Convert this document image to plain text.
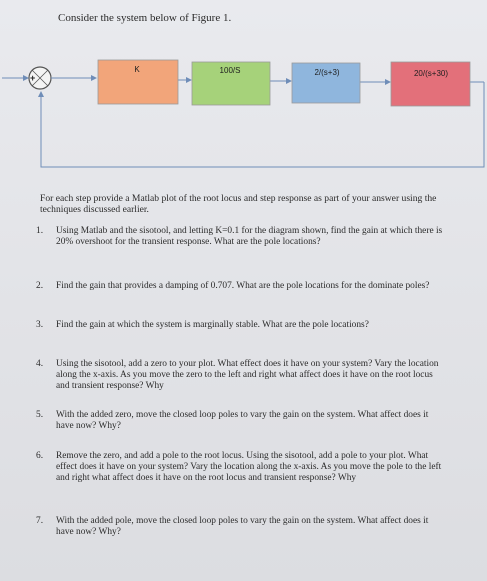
Consider the system below of Figure 1.
+
K	100/S	2/(s+3)	20/(s+30)
For each step provide a Matlab plot of the root locus and step response as part of your answer using the techniques discussed earlier.
1. Using Matlab and the sisotool, and letting K=0.1 for the diagram shown, find the gain at which there is 20% overshoot for the transient response. What are the pole locations?
2. Find the gain that provides a damping of 0.707. What are the pole locations for the dominate poles?
3. Find the gain at which the system is marginally stable. What are the pole locations?
4. Using the sisotool, add a zero to your plot. What effect does it have on your system? Vary the location along the x-axis. As you move the zero to the left and right what affect does it have on the root locus and transient response? Why
5. With the added zero, move the closed loop poles to vary the gain on the system. What affect does it have now? Why?
6. Remove the zero, and add a pole to the root locus. Using the sisotool, add a pole to your plot. What effect does it have on your system? Vary the location along the x-axis. As you move the pole to the left and right what affect does it have on the root locus and transient response? Why
7. With the added pole, move the closed loop poles to vary the gain on the system. What affect does it have now? Why?
